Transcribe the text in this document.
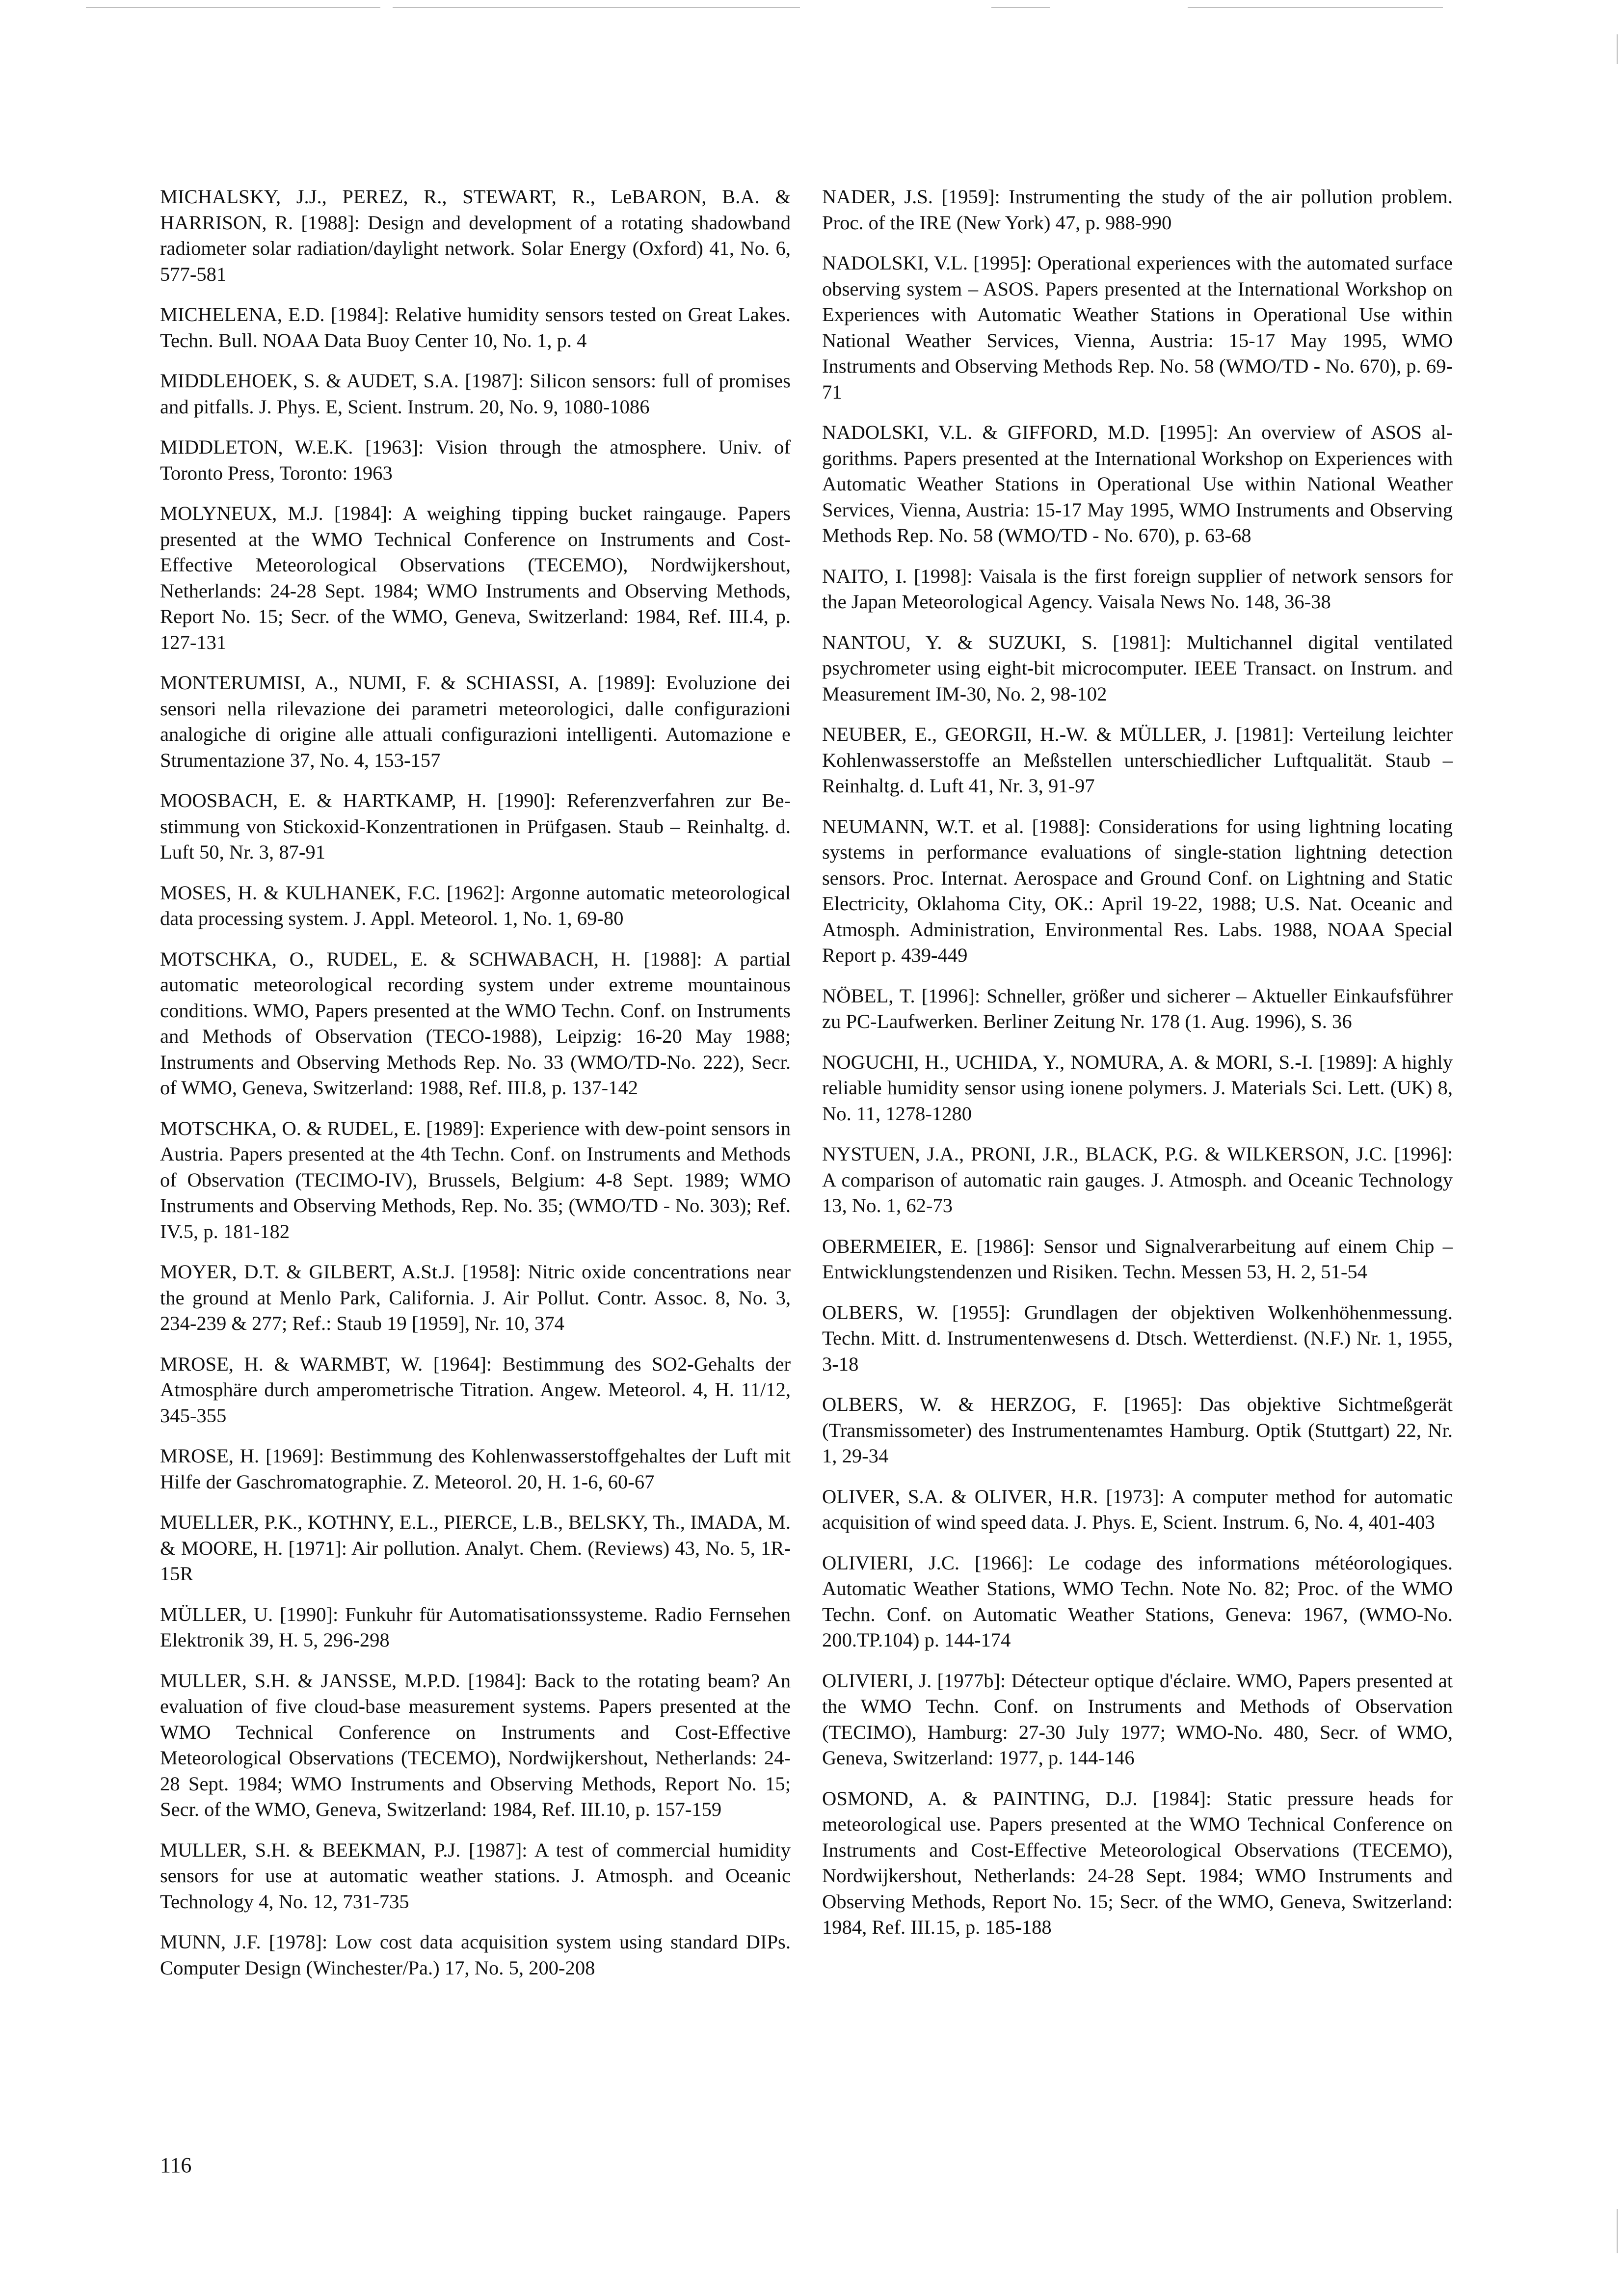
MICHALSKY, J.J., PEREZ, R., STEWART, R., LeBARON, B.A. & HARRISON, R. [1988]: Design and development of a rotating shadowband radiometer solar radiation/daylight network. Solar Energy (Oxford) 41, No. 6, 577-581

MICHELENA, E.D. [1984]: Relative humidity sensors tested on Great Lakes. Techn. Bull. NOAA Data Buoy Center 10, No. 1, p. 4

MIDDLEHOEK, S. & AUDET, S.A. [1987]: Silicon sensors: full of promises and pitfalls. J. Phys. E, Scient. Instrum. 20, No. 9, 1080-1086

MIDDLETON, W.E.K. [1963]: Vision through the atmosphere. Univ. of Toronto Press, Toronto: 1963

MOLYNEUX, M.J. [1984]: A weighing tipping bucket raingauge. Papers presented at the WMO Technical Conference on Instruments and Cost-Effective Meteorological Observations (TECEMO), Nordwijkershout, Netherlands: 24-28 Sept. 1984; WMO Instruments and Observing Methods, Report No. 15; Secr. of the WMO, Geneva, Switzerland: 1984, Ref. III.4, p. 127-131

MONTERUMISI, A., NUMI, F. & SCHIASSI, A. [1989]: Evoluzione dei sensori nella rilevazione dei parametri meteorologici, dalle configurazioni analogiche di origine alle attuali configurazioni intelligenti. Automazione e Strumentazione 37, No. 4, 153-157

MOOSBACH, E. & HARTKAMP, H. [1990]: Referenzverfahren zur Bestimmung von Stickoxid-Konzentrationen in Prüfgasen. Staub – Reinhaltg. d. Luft 50, Nr. 3, 87-91

MOSES, H. & KULHANEK, F.C. [1962]: Argonne automatic meteorological data processing system. J. Appl. Meteorol. 1, No. 1, 69-80

MOTSCHKA, O., RUDEL, E. & SCHWABACH, H. [1988]: A partial automatic meteorological recording system under extreme mountainous conditions. WMO, Papers presented at the WMO Techn. Conf. on Instruments and Methods of Observation (TECO-1988), Leipzig: 16-20 May 1988; Instruments and Observing Methods Rep. No. 33 (WMO/TD-No. 222), Secr. of WMO, Geneva, Switzerland: 1988, Ref. III.8, p. 137-142

MOTSCHKA, O. & RUDEL, E. [1989]: Experience with dew-point sensors in Austria. Papers presented at the 4th Techn. Conf. on Instruments and Methods of Observation (TECIMO-IV), Brussels, Belgium: 4-8 Sept. 1989; WMO Instruments and Observing Methods, Rep. No. 35; (WMO/TD - No. 303); Ref. IV.5, p. 181-182

MOYER, D.T. & GILBERT, A.St.J. [1958]: Nitric oxide concentrations near the ground at Menlo Park, California. J. Air Pollut. Contr. Assoc. 8, No. 3, 234-239 & 277; Ref.: Staub 19 [1959], Nr. 10, 374

MROSE, H. & WARMBT, W. [1964]: Bestimmung des SO2-Gehalts der Atmosphäre durch amperometrische Titration. Angew. Meteorol. 4, H. 11/12, 345-355

MROSE, H. [1969]: Bestimmung des Kohlenwasserstoffgehaltes der Luft mit Hilfe der Gaschromatographie. Z. Meteorol. 20, H. 1-6, 60-67

MUELLER, P.K., KOTHNY, E.L., PIERCE, L.B., BELSKY, Th., IMADA, M. & MOORE, H. [1971]: Air pollution. Analyt. Chem. (Reviews) 43, No. 5, 1R-15R

MÜLLER, U. [1990]: Funkuhr für Automatisationssysteme. Radio Fernsehen Elektronik 39, H. 5, 296-298

MULLER, S.H. & JANSSE, M.P.D. [1984]: Back to the rotating beam? An evaluation of five cloud-base measurement systems. Papers presented at the WMO Technical Conference on Instruments and Cost-Effective Meteorological Observations (TECEMO), Nordwijkershout, Netherlands: 24-28 Sept. 1984; WMO Instruments and Observing Methods, Report No. 15; Secr. of the WMO, Geneva, Switzerland: 1984, Ref. III.10, p. 157-159

MULLER, S.H. & BEEKMAN, P.J. [1987]: A test of commercial humidity sensors for use at automatic weather stations. J. Atmosph. and Oceanic Technology 4, No. 12, 731-735

MUNN, J.F. [1978]: Low cost data acquisition system using standard DIPs. Computer Design (Winchester/Pa.) 17, No. 5, 200-208

NADER, J.S. [1959]: Instrumenting the study of the air pollution problem. Proc. of the IRE (New York) 47, p. 988-990

NADOLSKI, V.L. [1995]: Operational experiences with the automated surface observing system – ASOS. Papers presented at the International Workshop on Experiences with Automatic Weather Stations in Operational Use within National Weather Services, Vienna, Austria: 15-17 May 1995, WMO Instruments and Observing Methods Rep. No. 58 (WMO/TD - No. 670), p. 69-71

NADOLSKI, V.L. & GIFFORD, M.D. [1995]: An overview of ASOS algorithms. Papers presented at the International Workshop on Experiences with Automatic Weather Stations in Operational Use within National Weather Services, Vienna, Austria: 15-17 May 1995, WMO Instruments and Observing Methods Rep. No. 58 (WMO/TD - No. 670), p. 63-68

NAITO, I. [1998]: Vaisala is the first foreign supplier of network sensors for the Japan Meteorological Agency. Vaisala News No. 148, 36-38

NANTOU, Y. & SUZUKI, S. [1981]: Multichannel digital ventilated psychrometer using eight-bit microcomputer. IEEE Transact. on Instrum. and Measurement IM-30, No. 2, 98-102

NEUBER, E., GEORGII, H.-W. & MÜLLER, J. [1981]: Verteilung leichter Kohlenwasserstoffe an Meßstellen unterschiedlicher Luftqualität. Staub – Reinhaltg. d. Luft 41, Nr. 3, 91-97

NEUMANN, W.T. et al. [1988]: Considerations for using lightning locating systems in performance evaluations of single-station lightning detection sensors. Proc. Internat. Aerospace and Ground Conf. on Lightning and Static Electricity, Oklahoma City, OK.: April 19-22, 1988; U.S. Nat. Oceanic and Atmosph. Administration, Environmental Res. Labs. 1988, NOAA Special Report p. 439-449

NÖBEL, T. [1996]: Schneller, größer und sicherer – Aktueller Einkaufsführer zu PC-Laufwerken. Berliner Zeitung Nr. 178 (1. Aug. 1996), S. 36

NOGUCHI, H., UCHIDA, Y., NOMURA, A. & MORI, S.-I. [1989]: A highly reliable humidity sensor using ionene polymers. J. Materials Sci. Lett. (UK) 8, No. 11, 1278-1280

NYSTUEN, J.A., PRONI, J.R., BLACK, P.G. & WILKERSON, J.C. [1996]: A comparison of automatic rain gauges. J. Atmosph. and Oceanic Technology 13, No. 1, 62-73

OBERMEIER, E. [1986]: Sensor und Signalverarbeitung auf einem Chip – Entwicklungstendenzen und Risiken. Techn. Messen 53, H. 2, 51-54

OLBERS, W. [1955]: Grundlagen der objektiven Wolkenhöhenmessung. Techn. Mitt. d. Instrumentenwesens d. Dtsch. Wetterdienst. (N.F.) Nr. 1, 1955, 3-18

OLBERS, W. & HERZOG, F. [1965]: Das objektive Sichtmeßgerät (Transmissometer) des Instrumentenamtes Hamburg. Optik (Stuttgart) 22, Nr. 1, 29-34

OLIVER, S.A. & OLIVER, H.R. [1973]: A computer method for automatic acquisition of wind speed data. J. Phys. E, Scient. Instrum. 6, No. 4, 401-403

OLIVIERI, J.C. [1966]: Le codage des informations météorologiques. Automatic Weather Stations, WMO Techn. Note No. 82; Proc. of the WMO Techn. Conf. on Automatic Weather Stations, Geneva: 1967, (WMO-No. 200.TP.104) p. 144-174

OLIVIERI, J. [1977b]: Détecteur optique d'éclaire. WMO, Papers presented at the WMO Techn. Conf. on Instruments and Methods of Observation (TECIMO), Hamburg: 27-30 July 1977; WMO-No. 480, Secr. of WMO, Geneva, Switzerland: 1977, p. 144-146

OSMOND, A. & PAINTING, D.J. [1984]: Static pressure heads for meteorological use. Papers presented at the WMO Technical Conference on Instruments and Cost-Effective Meteorological Observations (TECEMO), Nordwijkershout, Netherlands: 24-28 Sept. 1984; WMO Instruments and Observing Methods, Report No. 15; Secr. of the WMO, Geneva, Switzerland: 1984, Ref. III.15, p. 185-188

116
